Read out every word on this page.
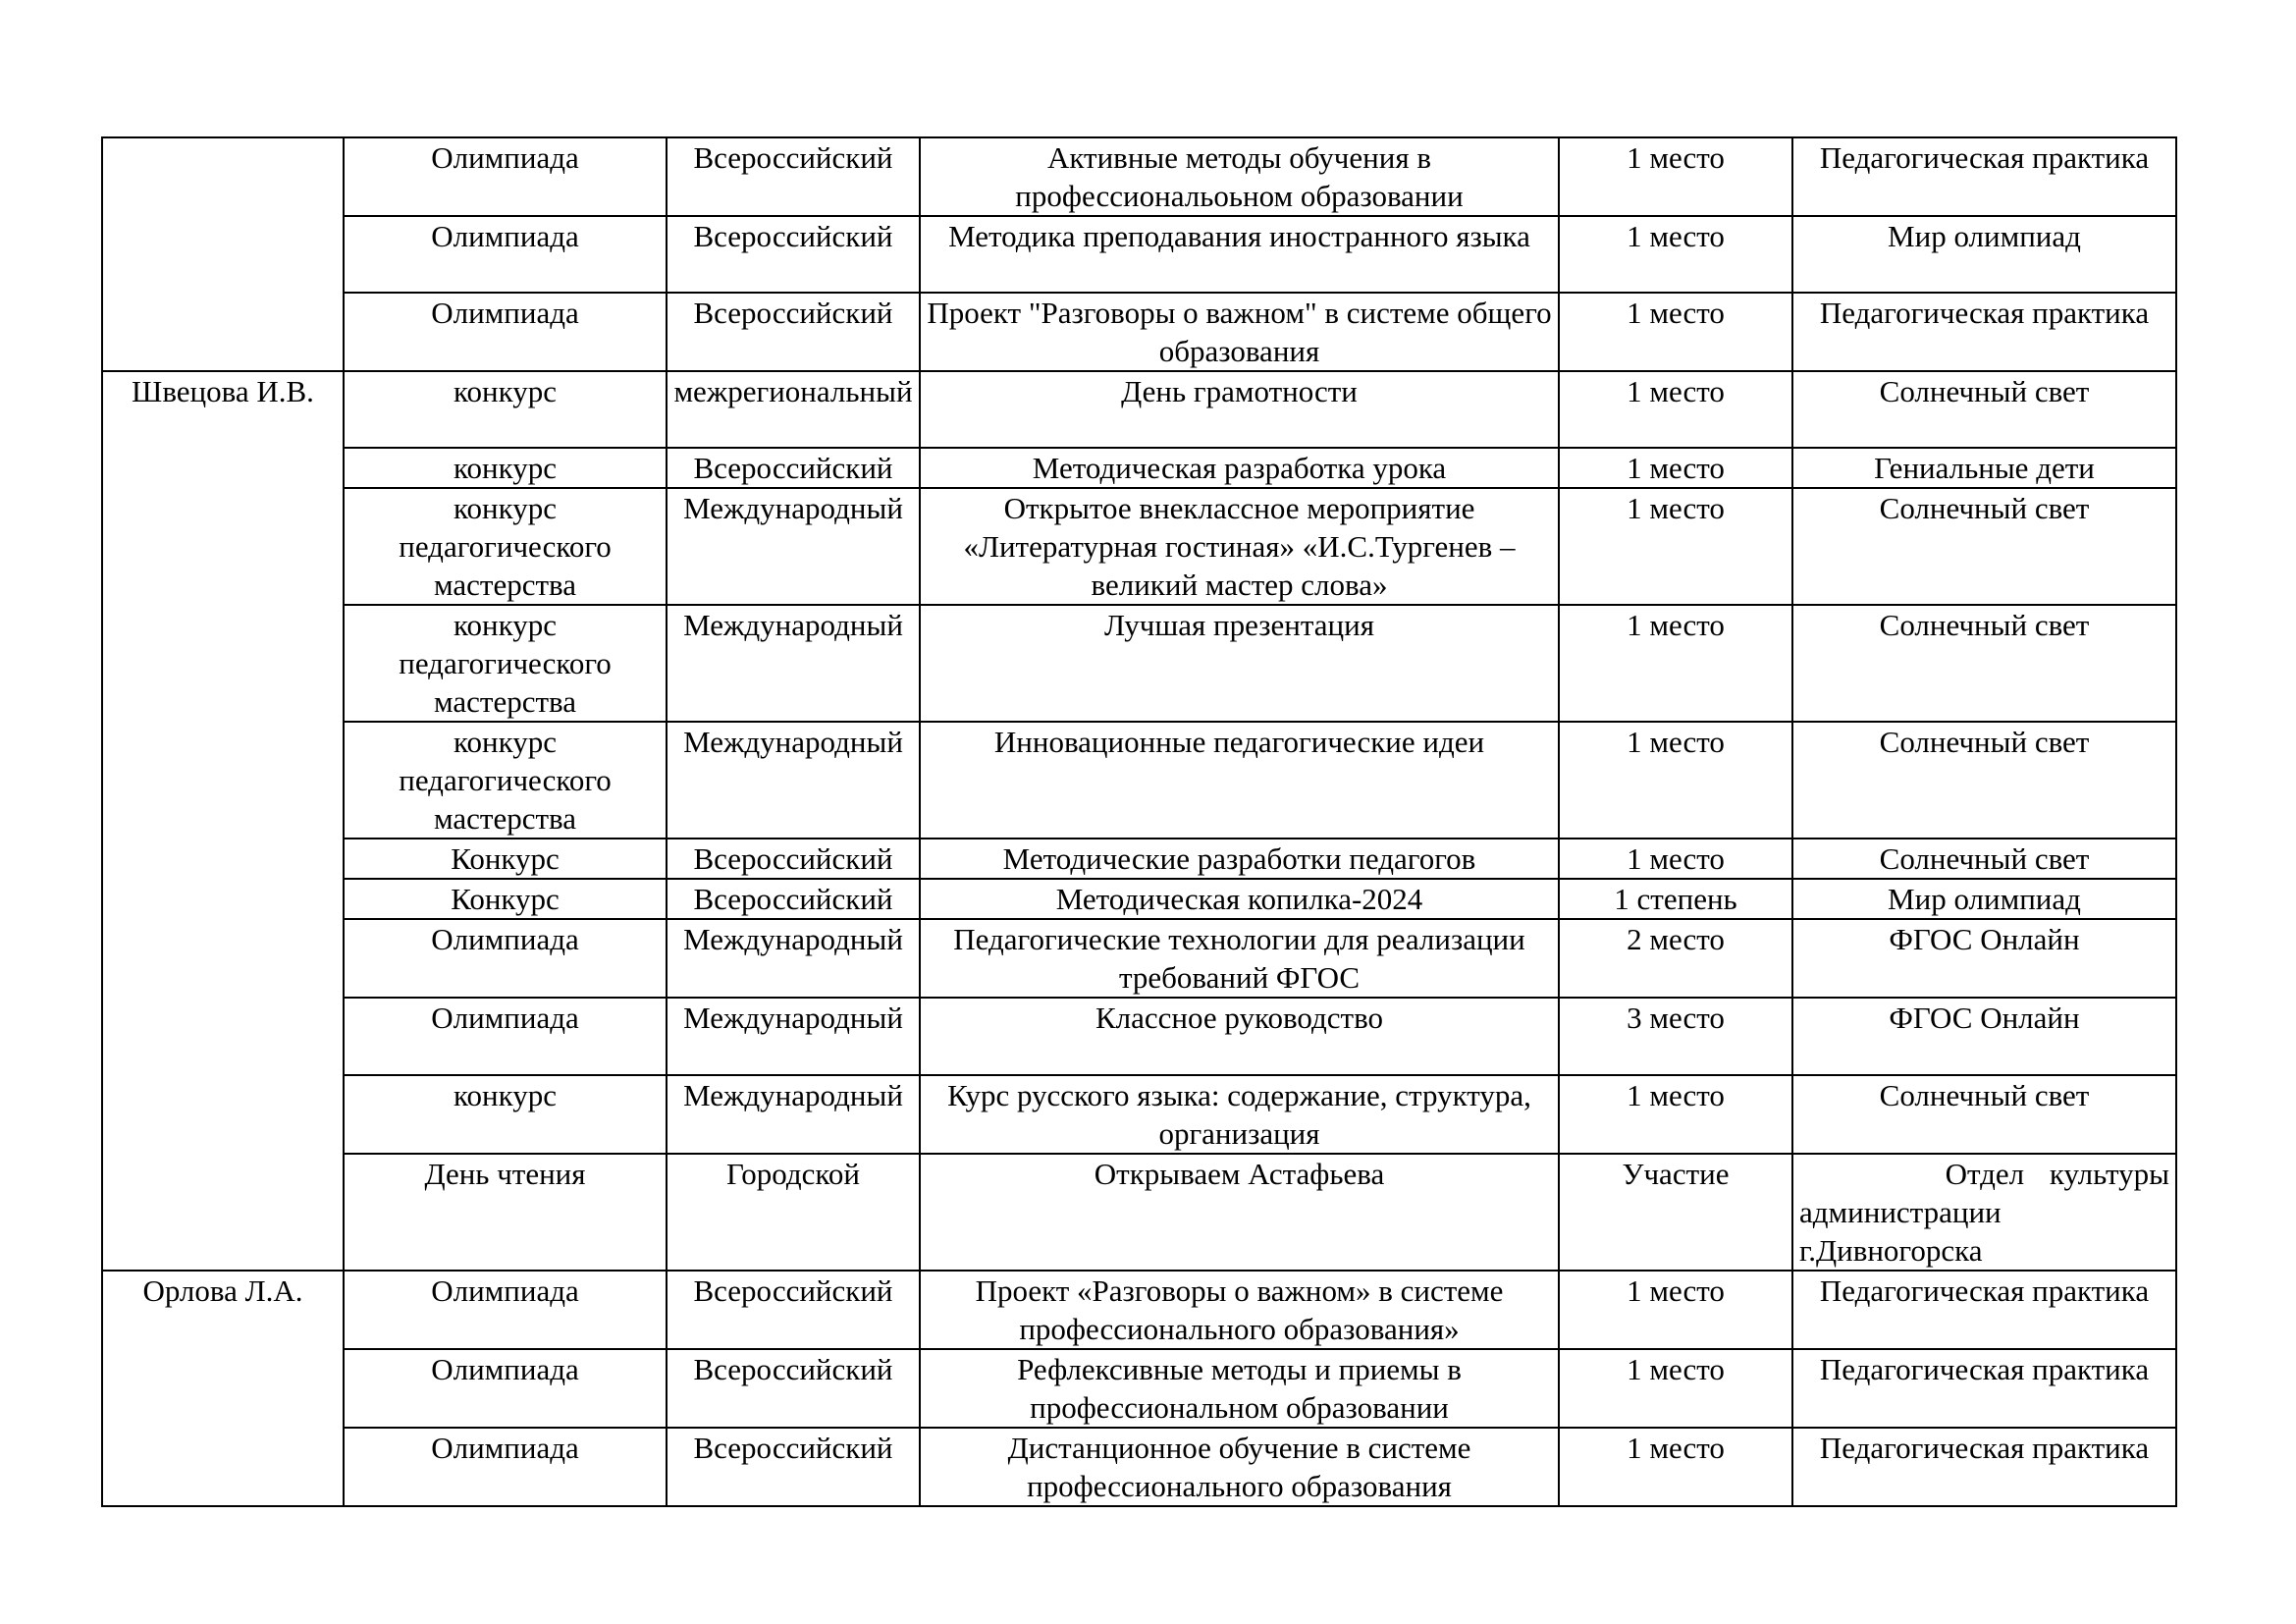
	Олимпиада	Всероссийский	Активные методы обучения в профессиональоьном образовании	1 место	Педагогическая практика
	Олимпиада	Всероссийский	Методика преподавания иностранного языка	1 место	Мир олимпиад
	Олимпиада	Всероссийский	Проект "Разговоры о важном" в системе общего образования	1 место	Педагогическая практика
Швецова И.В.	конкурс	межрегиональный	День грамотности	1 место	Солнечный свет
	конкурс	Всероссийский	Методическая разработка урока	1 место	Гениальные дети
	конкурс педагогического мастерства	Международный	Открытое внеклассное мероприятие «Литературная гостиная» «И.С.Тургенев – великий мастер слова»	1 место	Солнечный свет
	конкурс педагогического мастерства	Международный	Лучшая презентация	1 место	Солнечный свет
	конкурс педагогического мастерства	Международный	Инновационные педагогические идеи	1 место	Солнечный свет
	Конкурс	Всероссийский	Методические разработки педагогов	1 место	Солнечный свет
	Конкурс	Всероссийский	Методическая копилка-2024	1 степень	Мир олимпиад
	Олимпиада	Международный	Педагогические технологии для реализации требований ФГОС	2 место	ФГОС Онлайн
	Олимпиада	Международный	Классное руководство	3 место	ФГОС Онлайн
	конкурс	Международный	Курс русского языка: содержание, структура, организация	1 место	Солнечный свет
	День чтения	Городской	Открываем Астафьева	Участие	Отдел культуры
администрации г.Дивногорска

Орлова Л.А.	Олимпиада	Всероссийский	Проект «Разговоры о важном» в системе профессионального образования»	1 место	Педагогическая практика
	Олимпиада	Всероссийский	Рефлексивные методы и приемы в профессиональном образовании	1 место	Педагогическая практика
	Олимпиада	Всероссийский	Дистанционное обучение в системе профессионального образования	1 место	Педагогическая практика
